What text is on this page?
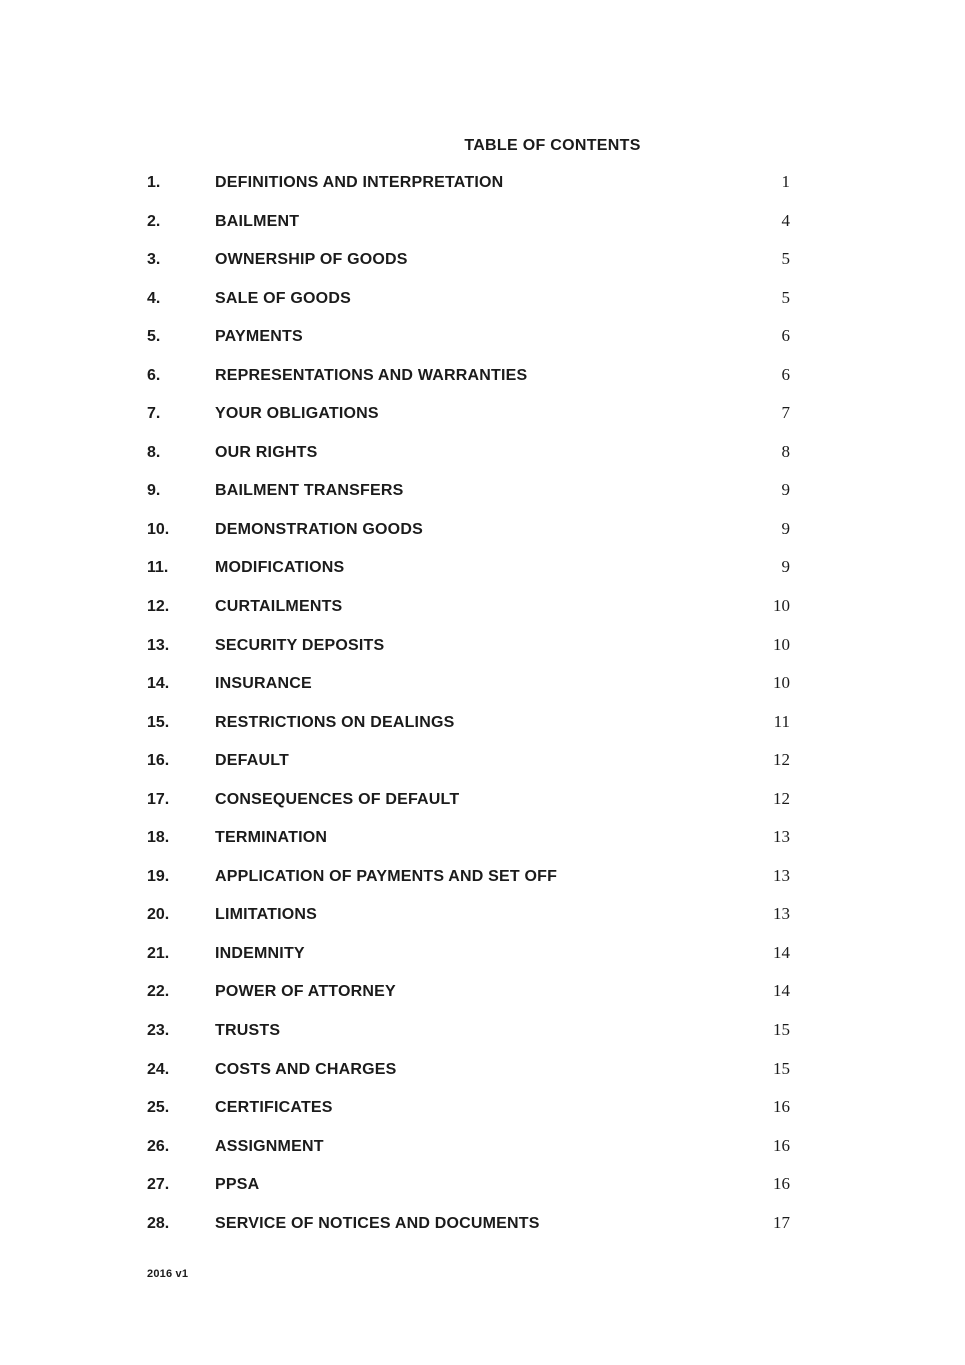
TABLE OF CONTENTS
1.	DEFINITIONS AND INTERPRETATION	1
2.	BAILMENT	4
3.	OWNERSHIP OF GOODS	5
4.	SALE OF GOODS	5
5.	PAYMENTS	6
6.	REPRESENTATIONS AND WARRANTIES	6
7.	YOUR OBLIGATIONS	7
8.	OUR RIGHTS	8
9.	BAILMENT TRANSFERS	9
10.	DEMONSTRATION GOODS	9
11.	MODIFICATIONS	9
12.	CURTAILMENTS	10
13.	SECURITY DEPOSITS	10
14.	INSURANCE	10
15.	RESTRICTIONS ON DEALINGS	11
16.	DEFAULT	12
17.	CONSEQUENCES OF DEFAULT	12
18.	TERMINATION	13
19.	APPLICATION OF PAYMENTS AND SET OFF	13
20.	LIMITATIONS	13
21.	INDEMNITY	14
22.	POWER OF ATTORNEY	14
23.	TRUSTS	15
24.	COSTS AND CHARGES	15
25.	CERTIFICATES	16
26.	ASSIGNMENT	16
27.	PPSA	16
28.	SERVICE OF NOTICES AND DOCUMENTS	17
2016 v1
